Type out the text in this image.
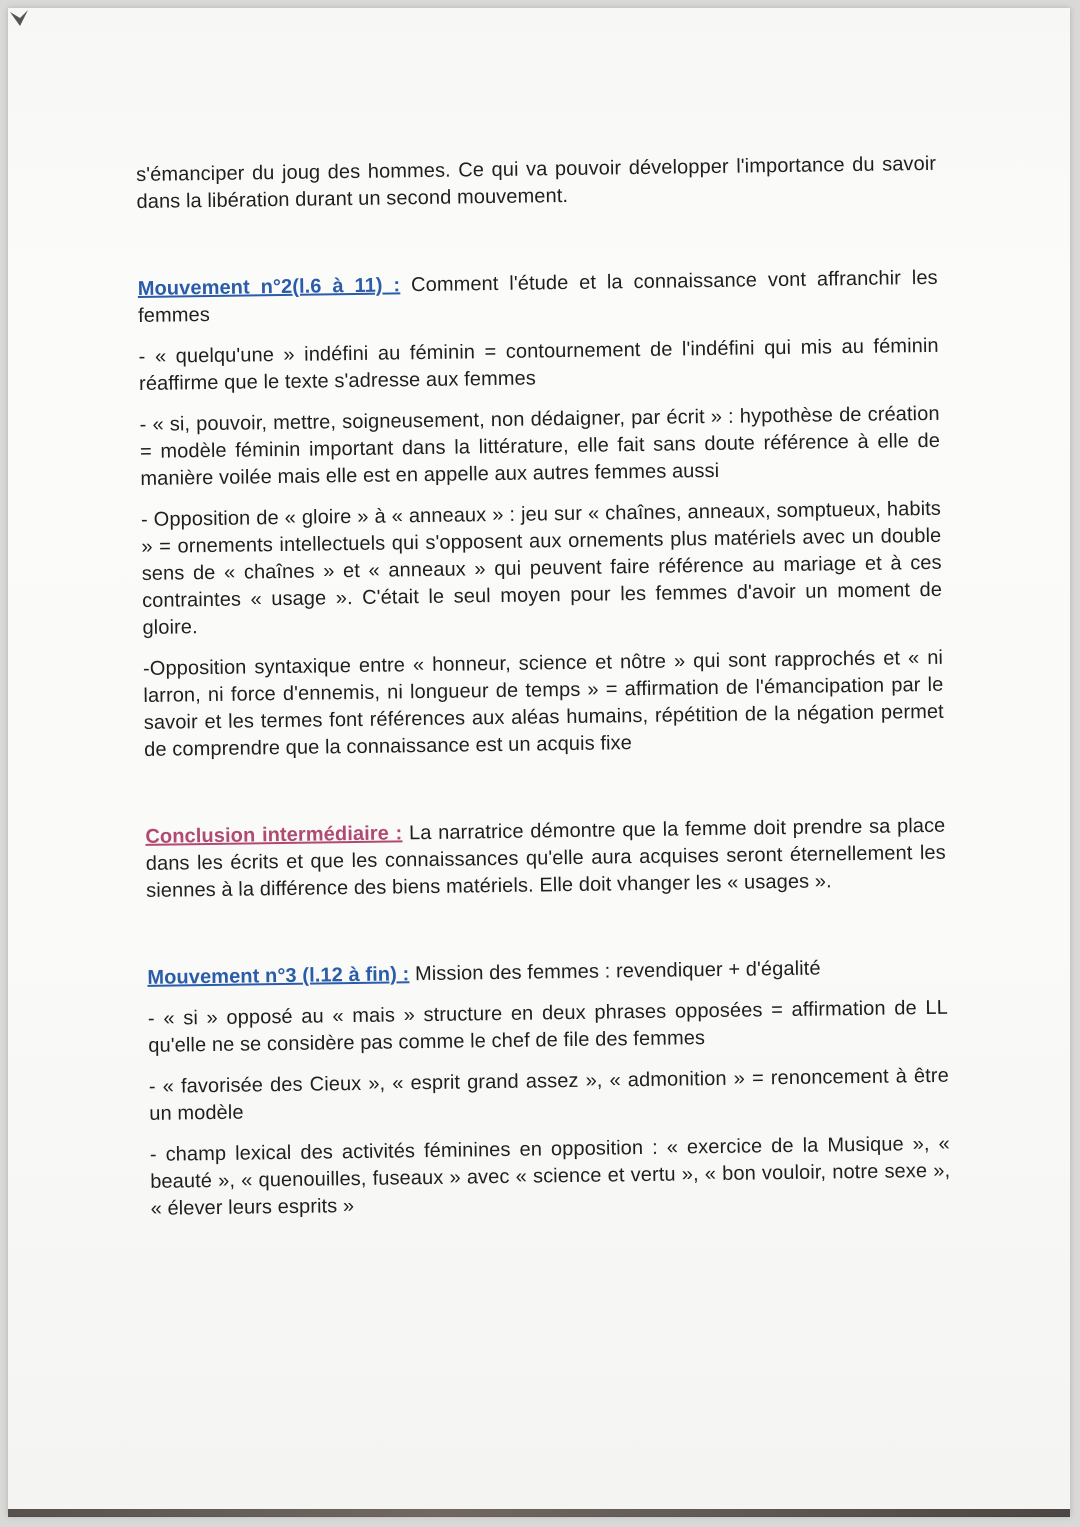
s'émanciper du joug des hommes. Ce qui va pouvoir développer l'importance du savoir dans la libération durant un second mouvement.

Mouvement n°2(l.6 à 11) : Comment l'étude et la connaissance vont affranchir les femmes

- « quelqu'une » indéfini au féminin = contournement de l'indéfini qui mis au féminin réaffirme que le texte s'adresse aux femmes

- « si, pouvoir, mettre, soigneusement, non dédaigner, par écrit » : hypothèse de création = modèle féminin important dans la littérature, elle fait sans doute référence à elle de manière voilée mais elle est en appelle aux autres femmes aussi

- Opposition de « gloire » à « anneaux » : jeu sur « chaînes, anneaux, somptueux, habits » = ornements intellectuels qui s'opposent aux ornements plus matériels avec un double sens de « chaînes » et « anneaux » qui peuvent faire référence au mariage et à ces contraintes « usage ». C'était le seul moyen pour les femmes d'avoir un moment de gloire.

-Opposition syntaxique entre « honneur, science et nôtre » qui sont rapprochés et « ni larron, ni force d'ennemis, ni longueur de temps » = affirmation de l'émancipation par le savoir et les termes font références aux aléas humains, répétition de la négation permet de comprendre que la connaissance est un acquis fixe

Conclusion intermédiaire : La narratrice démontre que la femme doit prendre sa place dans les écrits et que les connaissances qu'elle aura acquises seront éternellement les siennes à la différence des biens matériels. Elle doit vhanger les « usages ».

Mouvement n°3 (l.12 à fin) : Mission des femmes : revendiquer + d'égalité

- « si » opposé au « mais » structure en deux phrases opposées = affirmation de LL qu'elle ne se considère pas comme le chef de file des femmes

- « favorisée des Cieux », « esprit grand assez », « admonition » = renoncement à être un modèle

- champ lexical des activités féminines en opposition : « exercice de la Musique », « beauté », « quenouilles, fuseaux » avec « science et vertu », « bon vouloir, notre sexe », « élever leurs esprits »
